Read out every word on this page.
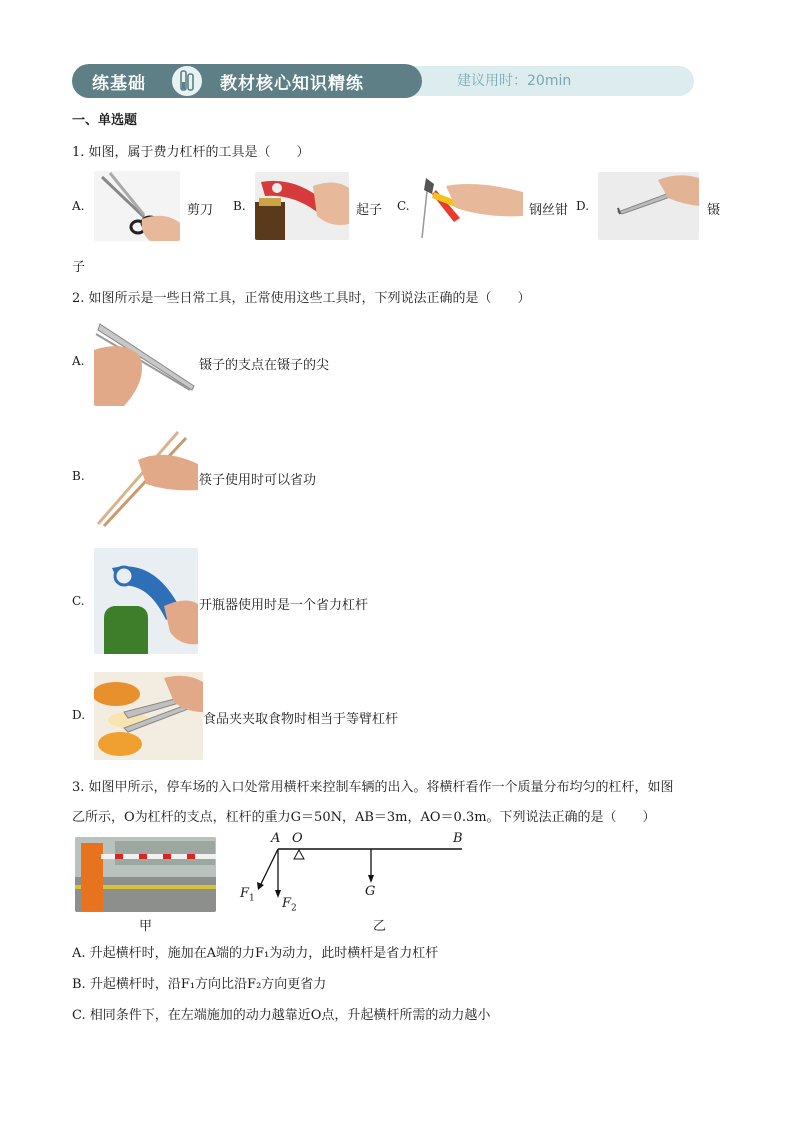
练基础	教材核心知识精练	建议用时：20min
一、单选题
1. 如图，属于费力杠杆的工具是（　　）
A.	剪刀 B.	起子 C.	钢丝钳 D.	镊
子
2. 如图所示是一些日常工具，正常使用这些工具时，下列说法正确的是（　　）
A.	镊子的支点在镊子的尖
B.	筷子使用时可以省功
C.	开瓶器使用时是一个省力杠杆
D.	食品夹夹取食物时相当于等臂杠杆
3. 如图甲所示，停车场的入口处常用横杆来控制车辆的出入。将横杆看作一个质量分布均匀的杠杆，如图
乙所示，O为杠杆的支点，杠杆的重力G＝50N，AB＝3m，AO＝0.3m。下列说法正确的是（　　）
甲
A O	B
G
$F_1$ $F_2$
乙
A. 升起横杆时，施加在A端的力F₁为动力，此时横杆是省力杠杆
B. 升起横杆时，沿F₁方向比沿F₂方向更省力
C. 相同条件下，在左端施加的动力越靠近O点，升起横杆所需的动力越小
